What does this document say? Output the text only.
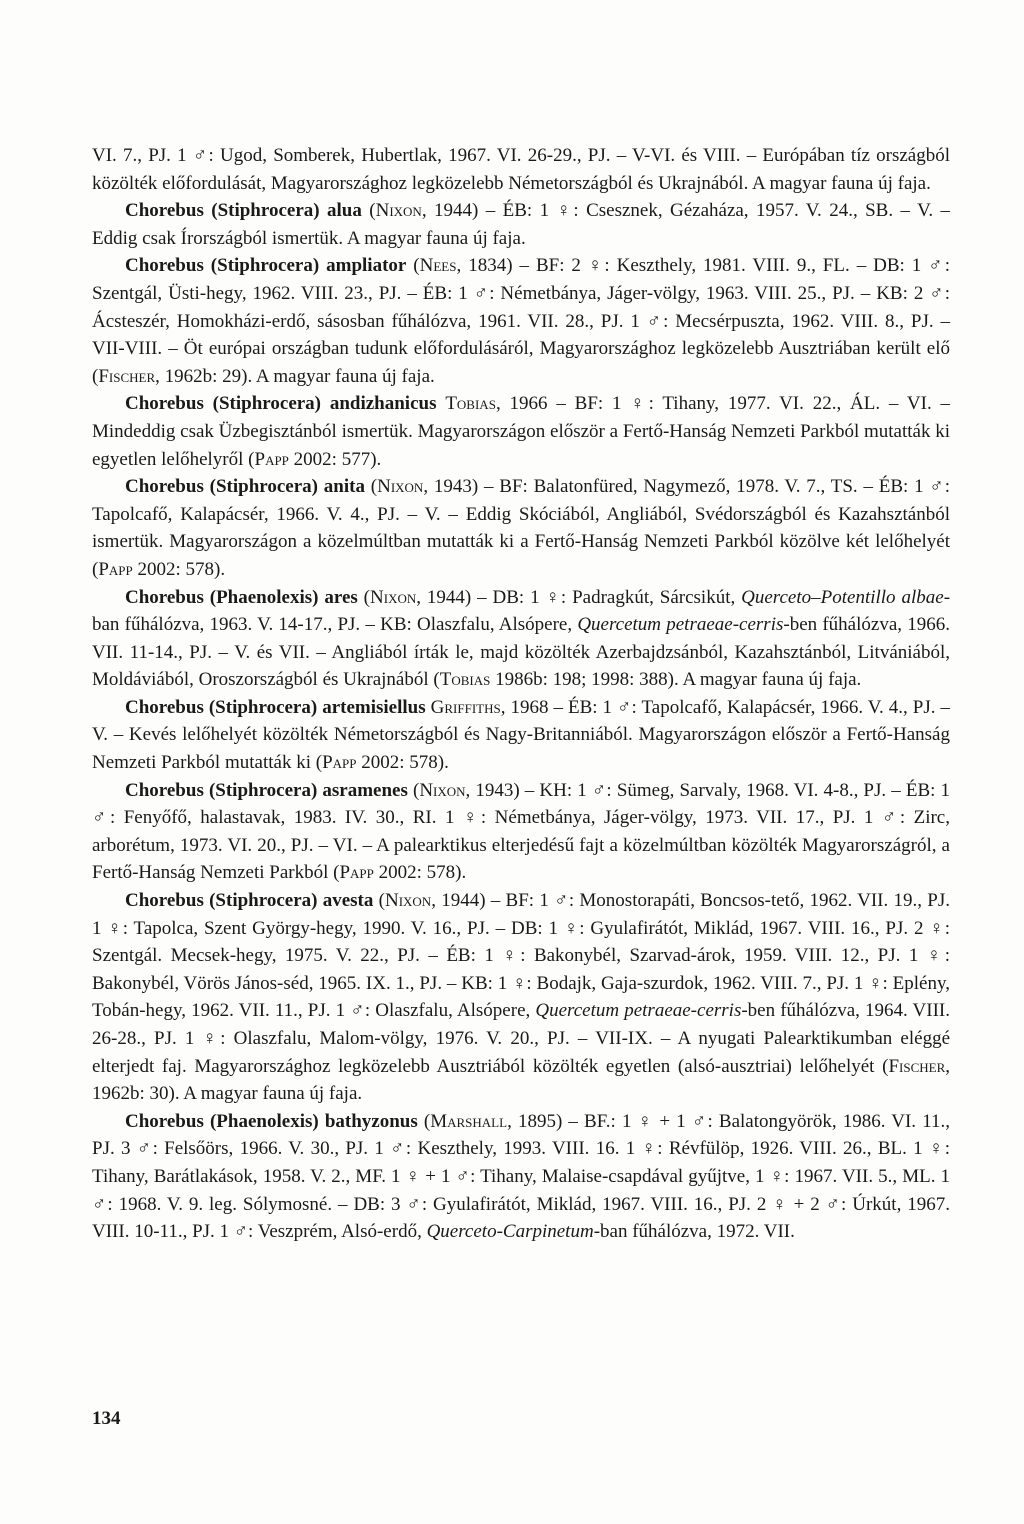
VI. 7., PJ. 1 ♂: Ugod, Somberek, Hubertlak, 1967. VI. 26-29., PJ. – V-VI. és VIII. – Európában tíz országból közölték előfordulását, Magyarországhoz legközelebb Németországból és Ukrajnából. A magyar fauna új faja.

Chorebus (Stiphrocera) alua (Nixon, 1944) – ÉB: 1 ♀: Csesznek, Gézaháza, 1957. V. 24., SB. – V. – Eddig csak Írországból ismertük. A magyar fauna új faja.

Chorebus (Stiphrocera) ampliator (Nees, 1834) – BF: 2 ♀: Keszthely, 1981. VIII. 9., FL. – DB: 1 ♂: Szentgál, Üsti-hegy, 1962. VIII. 23., PJ. – ÉB: 1 ♂: Németbánya, Jáger-völgy, 1963. VIII. 25., PJ. – KB: 2 ♂: Ácsteszér, Homokházi-erdő, sásosban fűhálózva, 1961. VII. 28., PJ. 1 ♂: Mecsérpuszta, 1962. VIII. 8., PJ. – VII-VIII. – Öt európai országban tudunk előfordulásáról, Magyarországhoz legközelebb Ausztriában került elő (Fischer, 1962b: 29). A magyar fauna új faja.

Chorebus (Stiphrocera) andizhanicus Tobias, 1966 – BF: 1 ♀: Tihany, 1977. VI. 22., ÁL. – VI. – Mindeddig csak Üzbegisztánból ismertük. Magyarországon először a Fertő-Hanság Nemzeti Parkból mutatták ki egyetlen lelőhelyről (Papp 2002: 577).

Chorebus (Stiphrocera) anita (Nixon, 1943) – BF: Balatonfüred, Nagymező, 1978. V. 7., TS. – ÉB: 1 ♂: Tapolcafő, Kalapácsér, 1966. V. 4., PJ. – V. – Eddig Skóciából, Angliából, Svédországból és Kazahsztánból ismertük. Magyarországon a közelmúltban mutatták ki a Fertő-Hanság Nemzeti Parkból közölve két lelőhelyét (Papp 2002: 578).

Chorebus (Phaenolexis) ares (Nixon, 1944) – DB: 1 ♀: Padragkút, Sárcsikút, Querceto–Potentillo albae-ban fűhálózva, 1963. V. 14-17., PJ. – KB: Olaszfalu, Alsópere, Quercetum petraeae-cerris-ben fűhálózva, 1966. VII. 11-14., PJ. – V. és VII. – Angliából írták le, majd közölték Azerbajdzsánból, Kazahsztánból, Litvániából, Moldáviából, Oroszországból és Ukrajnából (Tobias 1986b: 198; 1998: 388). A magyar fauna új faja.

Chorebus (Stiphrocera) artemisiellus Griffiths, 1968 – ÉB: 1 ♂: Tapolcafő, Kalapácsér, 1966. V. 4., PJ. – V. – Kevés lelőhelyét közölték Németországból és Nagy-Britanniából. Magyarországon először a Fertő-Hanság Nemzeti Parkból mutatták ki (Papp 2002: 578).

Chorebus (Stiphrocera) asramenes (Nixon, 1943) – KH: 1 ♂: Sümeg, Sarvaly, 1968. VI. 4-8., PJ. – ÉB: 1 ♂: Fenyőfő, halastavak, 1983. IV. 30., RI. 1 ♀: Németbánya, Jáger-völgy, 1973. VII. 17., PJ. 1 ♂: Zirc, arborétum, 1973. VI. 20., PJ. – VI. – A palearktikus elterjedésű fajt a közelmúltban közölték Magyarországról, a Fertő-Hanság Nemzeti Parkból (Papp 2002: 578).

Chorebus (Stiphrocera) avesta (Nixon, 1944) – BF: 1 ♂: Monostorapáti, Boncsos-tető, 1962. VII. 19., PJ. 1 ♀: Tapolca, Szent György-hegy, 1990. V. 16., PJ. – DB: 1 ♀: Gyulafirátót, Miklád, 1967. VIII. 16., PJ. 2 ♀: Szentgál. Mecsek-hegy, 1975. V. 22., PJ. – ÉB: 1 ♀: Bakonybél, Szarvad-árok, 1959. VIII. 12., PJ. 1 ♀: Bakonybél, Vörös János-séd, 1965. IX. 1., PJ. – KB: 1 ♀: Bodajk, Gaja-szurdok, 1962. VIII. 7., PJ. 1 ♀: Eplény, Tobán-hegy, 1962. VII. 11., PJ. 1 ♂: Olaszfalu, Alsópere, Quercetum petraeae-cerris-ben fűhálózva, 1964. VIII. 26-28., PJ. 1 ♀: Olaszfalu, Malom-völgy, 1976. V. 20., PJ. – VII-IX. – A nyugati Palearktikumban eléggé elterjedt faj. Magyarországhoz legközelebb Ausztriából közölték egyetlen (alsó-ausztriai) lelőhelyét (Fischer, 1962b: 30). A magyar fauna új faja.

Chorebus (Phaenolexis) bathyzonus (Marshall, 1895) – BF.: 1 ♀ + 1 ♂: Balatongyörök, 1986. VI. 11., PJ. 3 ♂: Felsőörs, 1966. V. 30., PJ. 1 ♂: Keszthely, 1993. VIII. 16. 1 ♀: Révfülöp, 1926. VIII. 26., BL. 1 ♀: Tihany, Barátlakások, 1958. V. 2., MF. 1 ♀ + 1 ♂: Tihany, Malaise-csapdával gyűjtve, 1 ♀: 1967. VII. 5., ML. 1 ♂: 1968. V. 9. leg. Sólymosné. – DB: 3 ♂: Gyulafirátót, Miklád, 1967. VIII. 16., PJ. 2 ♀ + 2 ♂: Úrkút, 1967. VIII. 10-11., PJ. 1 ♂: Veszprém, Alsó-erdő, Querceto-Carpinetum-ban fűhálózva, 1972. VII.

134
